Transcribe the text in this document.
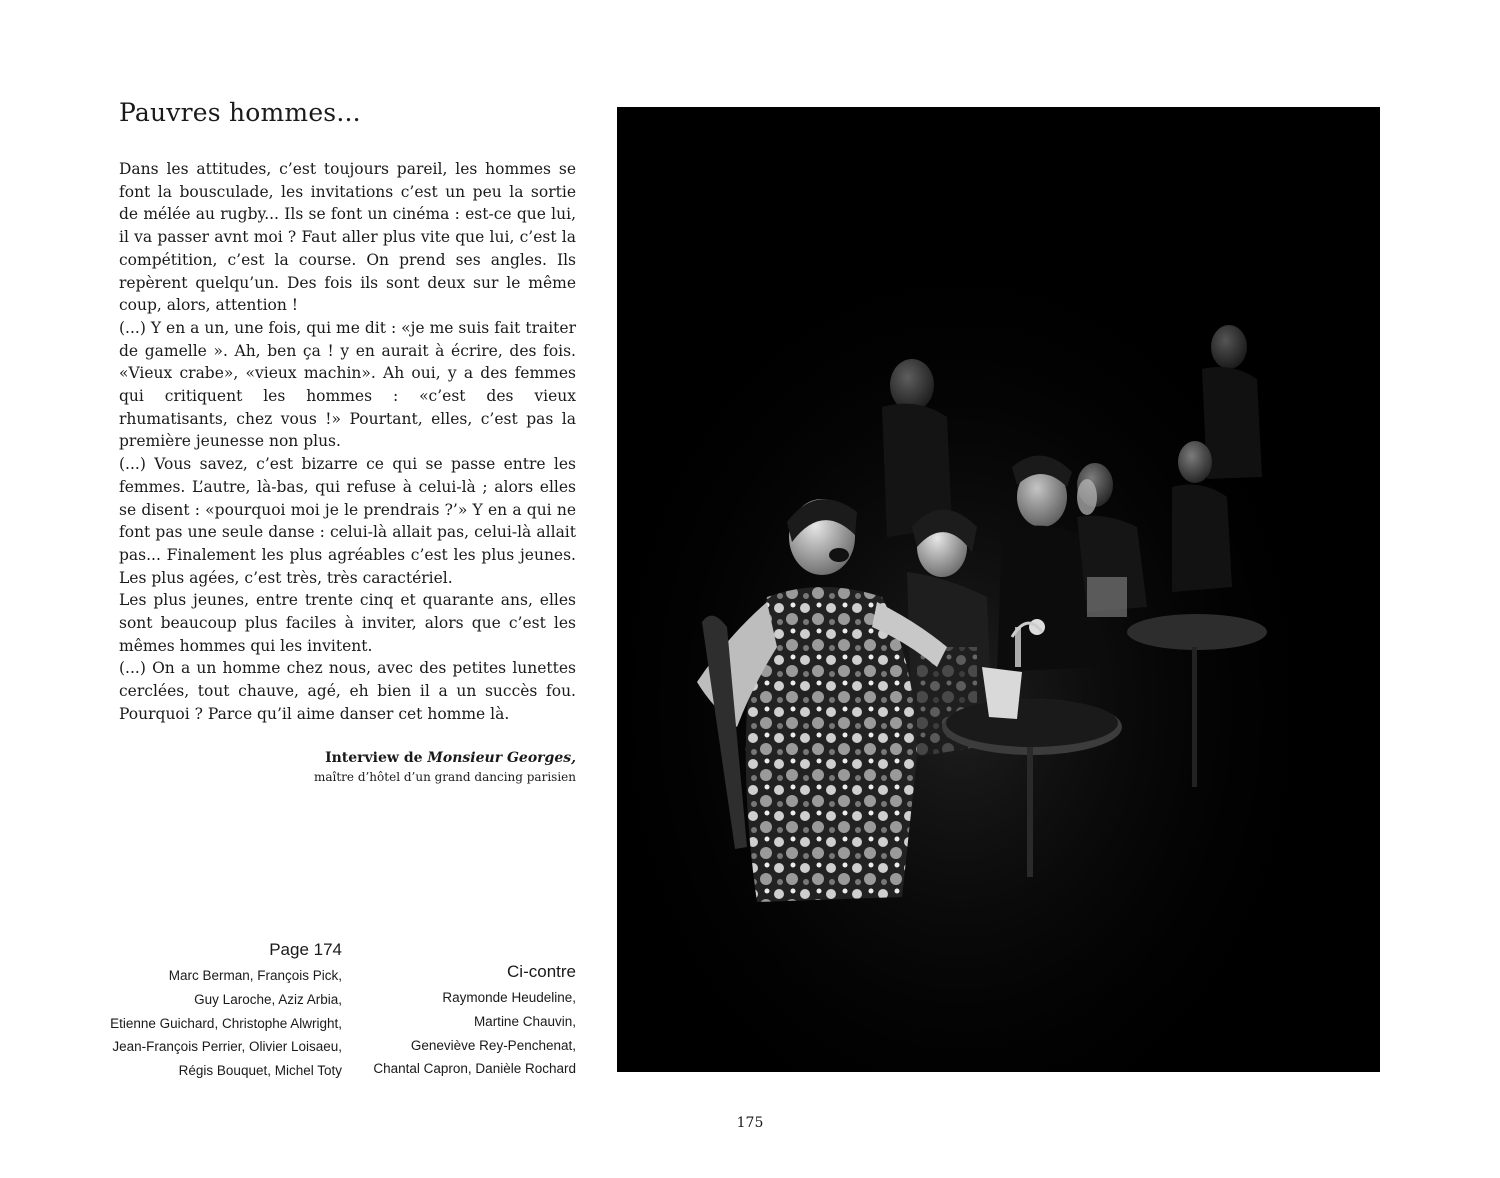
Pauvres hommes...

Dans les attitudes, c’est toujours pareil, les hommes se font la bousculade, les invitations c’est un peu la sortie de mélée au rugby... Ils se font un cinéma : est-ce que lui, il va passer avnt moi ? Faut aller plus vite que lui, c’est la compétition, c’est la course. On prend ses angles. Ils repèrent quelqu’un. Des fois ils sont deux sur le même coup, alors, attention !

(...) Y en a un, une fois, qui me dit : «je me suis fait traiter de gamelle ». Ah, ben ça ! y en aurait à écrire, des fois. «Vieux crabe», «vieux machin». Ah oui, y a des femmes qui critiquent les hommes : «c’est des vieux rhumatisants, chez vous !» Pourtant, elles, c’est pas la première jeunesse non plus.

(...) Vous savez, c’est bizarre ce qui se passe entre les femmes. L’autre, là-bas, qui refuse à celui-là ; alors elles se disent : «pourquoi moi je le prendrais ?’» Y en a qui ne font pas une seule danse : celui-là allait pas, celui-là allait pas... Finalement les plus agréables c’est les plus jeunes. Les plus agées, c’est très, très caractériel.

Les plus jeunes, entre trente cinq et quarante ans, elles sont beaucoup plus faciles à inviter, alors que c’est les mêmes hommes qui les invitent.

(...) On a un homme chez nous, avec des petites lunettes cerclées, tout chauve, agé, eh bien il a un succès fou. Pourquoi ? Parce qu’il aime danser cet homme là.

Interview de Monsieur Georges,
maître d’hôtel d’un grand dancing parisien
Page 174
Marc Berman, François Pick,
Guy Laroche, Aziz Arbia,
Etienne Guichard, Christophe Alwright,
Jean-François Perrier, Olivier Loisaeu,
Régis Bouquet, Michel Toty
Ci-contre
Raymonde Heudeline,
Martine Chauvin,
Geneviève Rey-Penchenat,
Chantal Capron, Danièle Rochard
175
